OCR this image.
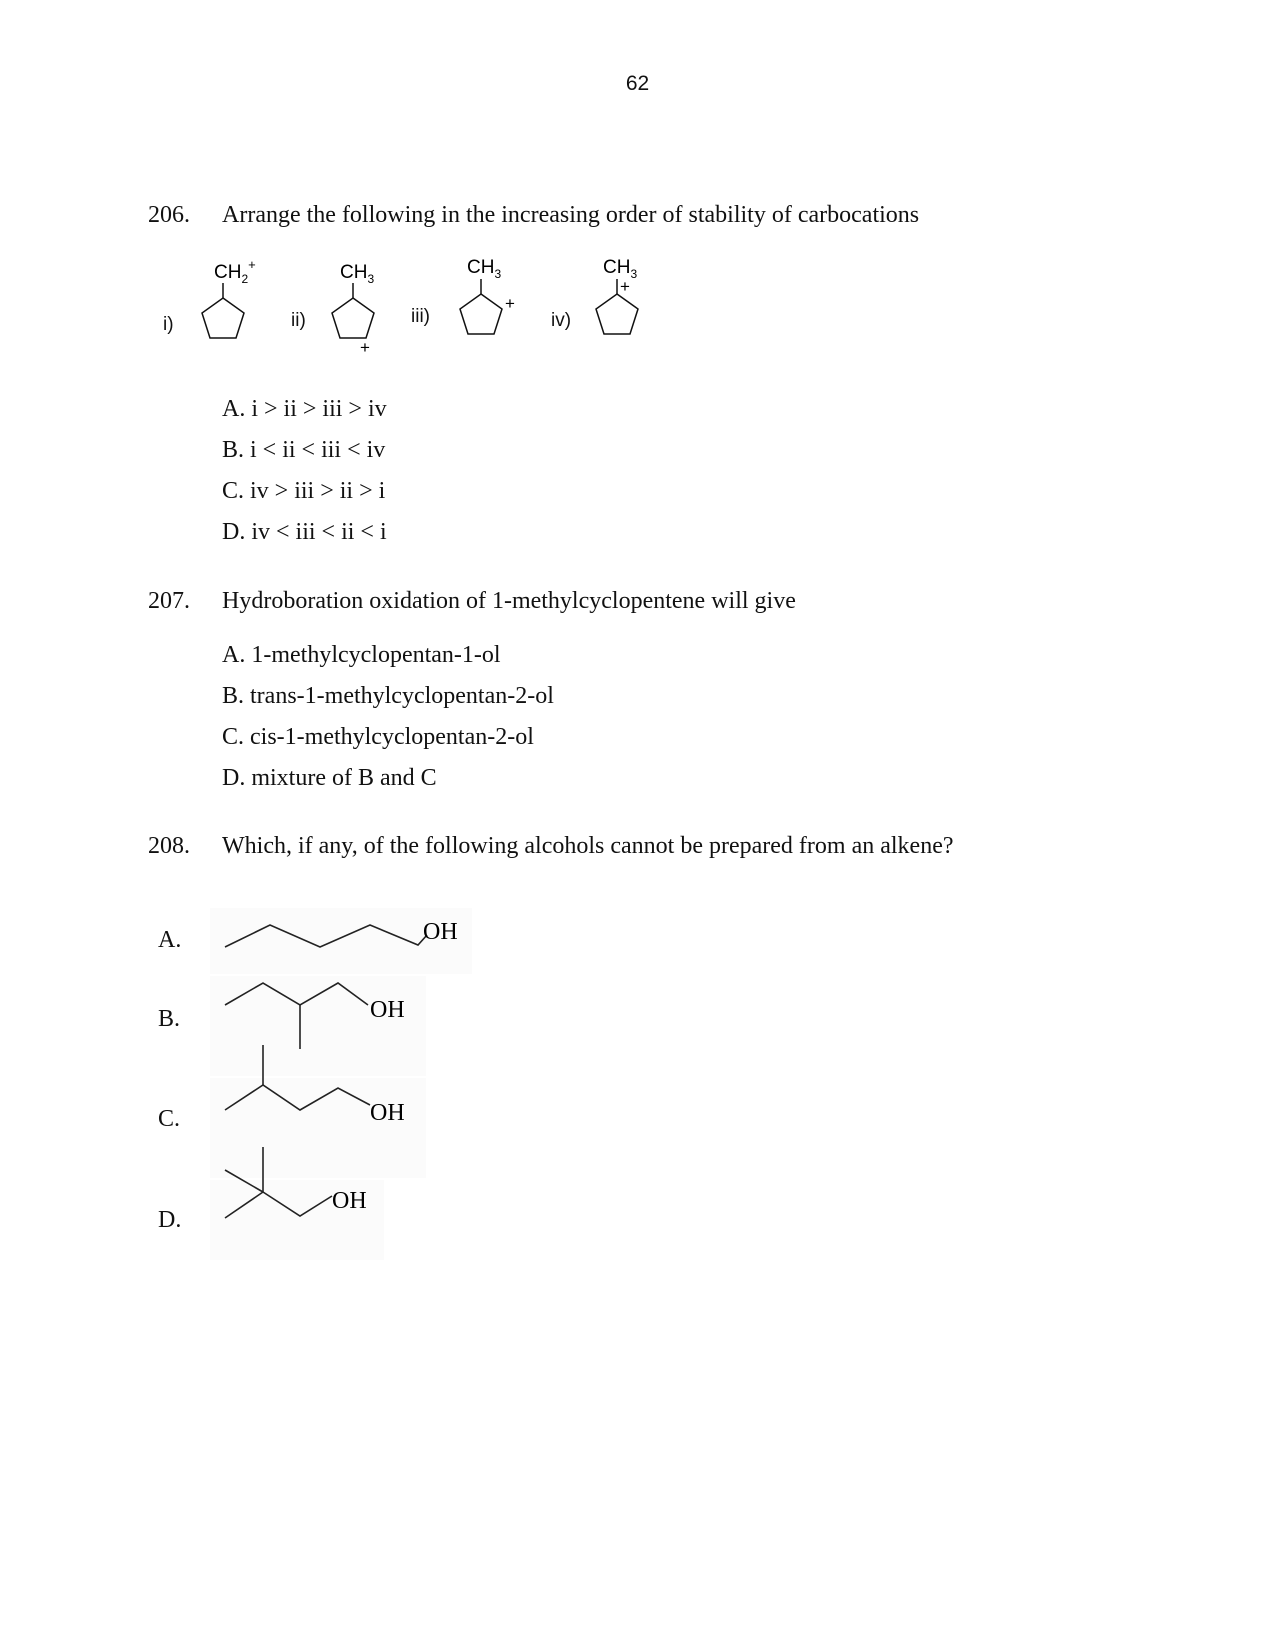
62
206. Arrange the following in the increasing order of stability of carbocations
i)	ii)	iii)	iv)
$CH_2^+$	$CH_3$
+
$CH_3$
+
$CH_3$
+
A. i > ii > iii > iv
B. i < ii < iii < iv
C. iv > iii > ii > i
D. iv < iii < ii < i
207. Hydroboration oxidation of 1-methylcyclopentene will give
A. 1-methylcyclopentan-1-ol
B. trans-1-methylcyclopentan-2-ol
C. cis-1-methylcyclopentan-2-ol
D. mixture of B and C
208. Which, if any, of the following alcohols cannot be prepared from an alkene?
A.
B.
C.
D.
OH
OH
OH
OH
